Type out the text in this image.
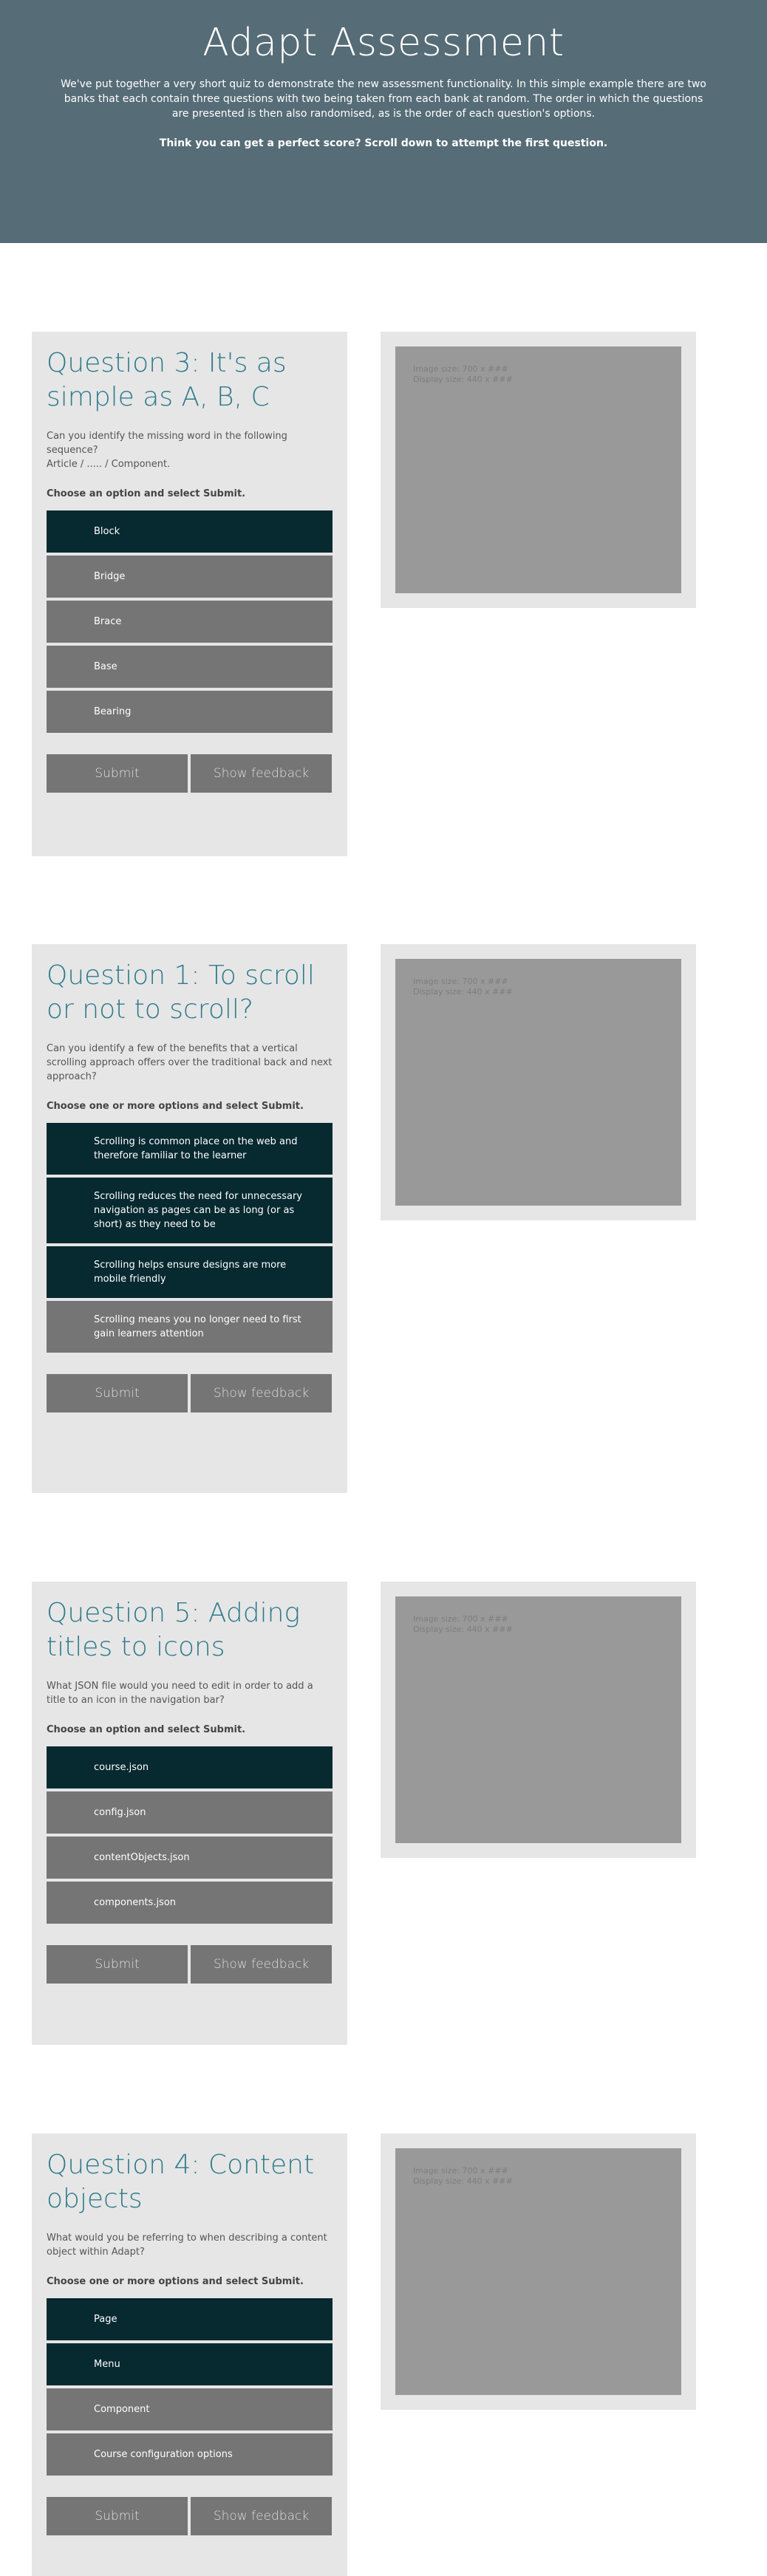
Adapt Assessment

We've put together a very short quiz to demonstrate the new assessment functionality. In this simple example there are two banks that each contain three questions with two being taken from each bank at random. The order in which the questions are presented is then also randomised, as is the order of each question's options.

Think you can get a perfect score? Scroll down to attempt the first question.

Question 3: It's as simple as A, B, C

Can you identify the missing word in the following sequence?
Article / ..... / Component.

Choose an option and select Submit.

Block
Bridge
Brace
Base
Bearing
Submit	Show feedback
Image size: 700 x ###
Display size: 440 x ###
Question 1: To scroll or not to scroll?

Can you identify a few of the benefits that a vertical scrolling approach offers over the traditional back and next approach?

Choose one or more options and select Submit.

Scrolling is common place on the web and therefore familiar to the learner
Scrolling reduces the need for unnecessary navigation as pages can be as long (or as short) as they need to be
Scrolling helps ensure designs are more mobile friendly
Scrolling means you no longer need to first gain learners attention
Submit	Show feedback
Image size: 700 x ###
Display size: 440 x ###
Question 5: Adding titles to icons

What JSON file would you need to edit in order to add a title to an icon in the navigation bar?

Choose an option and select Submit.

course.json
config.json
contentObjects.json
components.json
Submit	Show feedback
Image size: 700 x ###
Display size: 440 x ###
Question 4: Content objects

What would you be referring to when describing a content object within Adapt?

Choose one or more options and select Submit.

Page
Menu
Component
Course configuration options
Submit	Show feedback
Image size: 700 x ###
Display size: 440 x ###
